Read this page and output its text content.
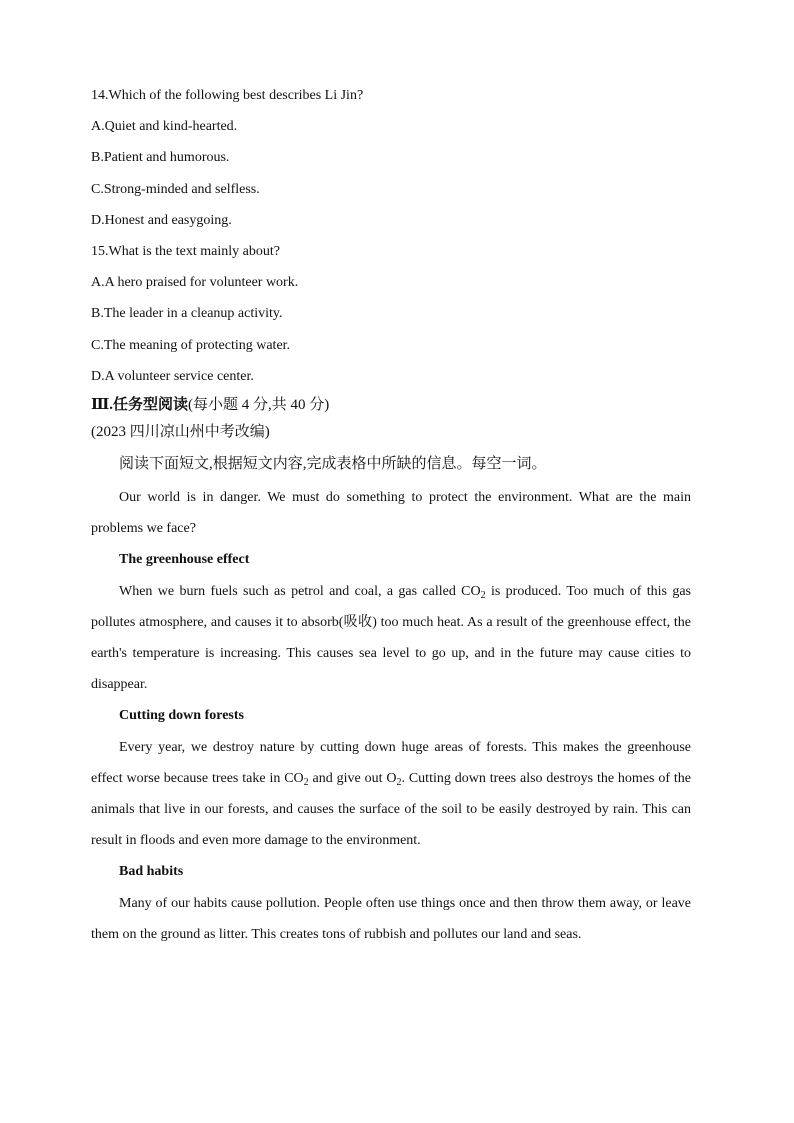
14.Which of the following best describes Li Jin?
A.Quiet and kind-hearted.
B.Patient and humorous.
C.Strong-minded and selfless.
D.Honest and easygoing.
15.What is the text mainly about?
A.A hero praised for volunteer work.
B.The leader in a cleanup activity.
C.The meaning of protecting water.
D.A volunteer service center.
Ⅲ.任务型阅读(每小题 4 分,共 40 分)
(2023 四川凉山州中考改编)
阅读下面短文,根据短文内容,完成表格中所缺的信息。每空一词。
Our world is in danger. We must do something to protect the environment. What are the main problems we face?
The greenhouse effect
When we burn fuels such as petrol and coal, a gas called $CO_2$ is produced. Too much of this gas pollutes atmosphere, and causes it to absorb(吸收) too much heat. As a result of the greenhouse effect, the earth's temperature is increasing. This causes sea level to go up, and in the future may cause cities to disappear.
Cutting down forests
Every year, we destroy nature by cutting down huge areas of forests. This makes the greenhouse effect worse because trees take in $CO_2$ and give out $O_2$. Cutting down trees also destroys the homes of the animals that live in our forests, and causes the surface of the soil to be easily destroyed by rain. This can result in floods and even more damage to the environment.
Bad habits
Many of our habits cause pollution. People often use things once and then throw them away, or leave them on the ground as litter. This creates tons of rubbish and pollutes our land and seas.
